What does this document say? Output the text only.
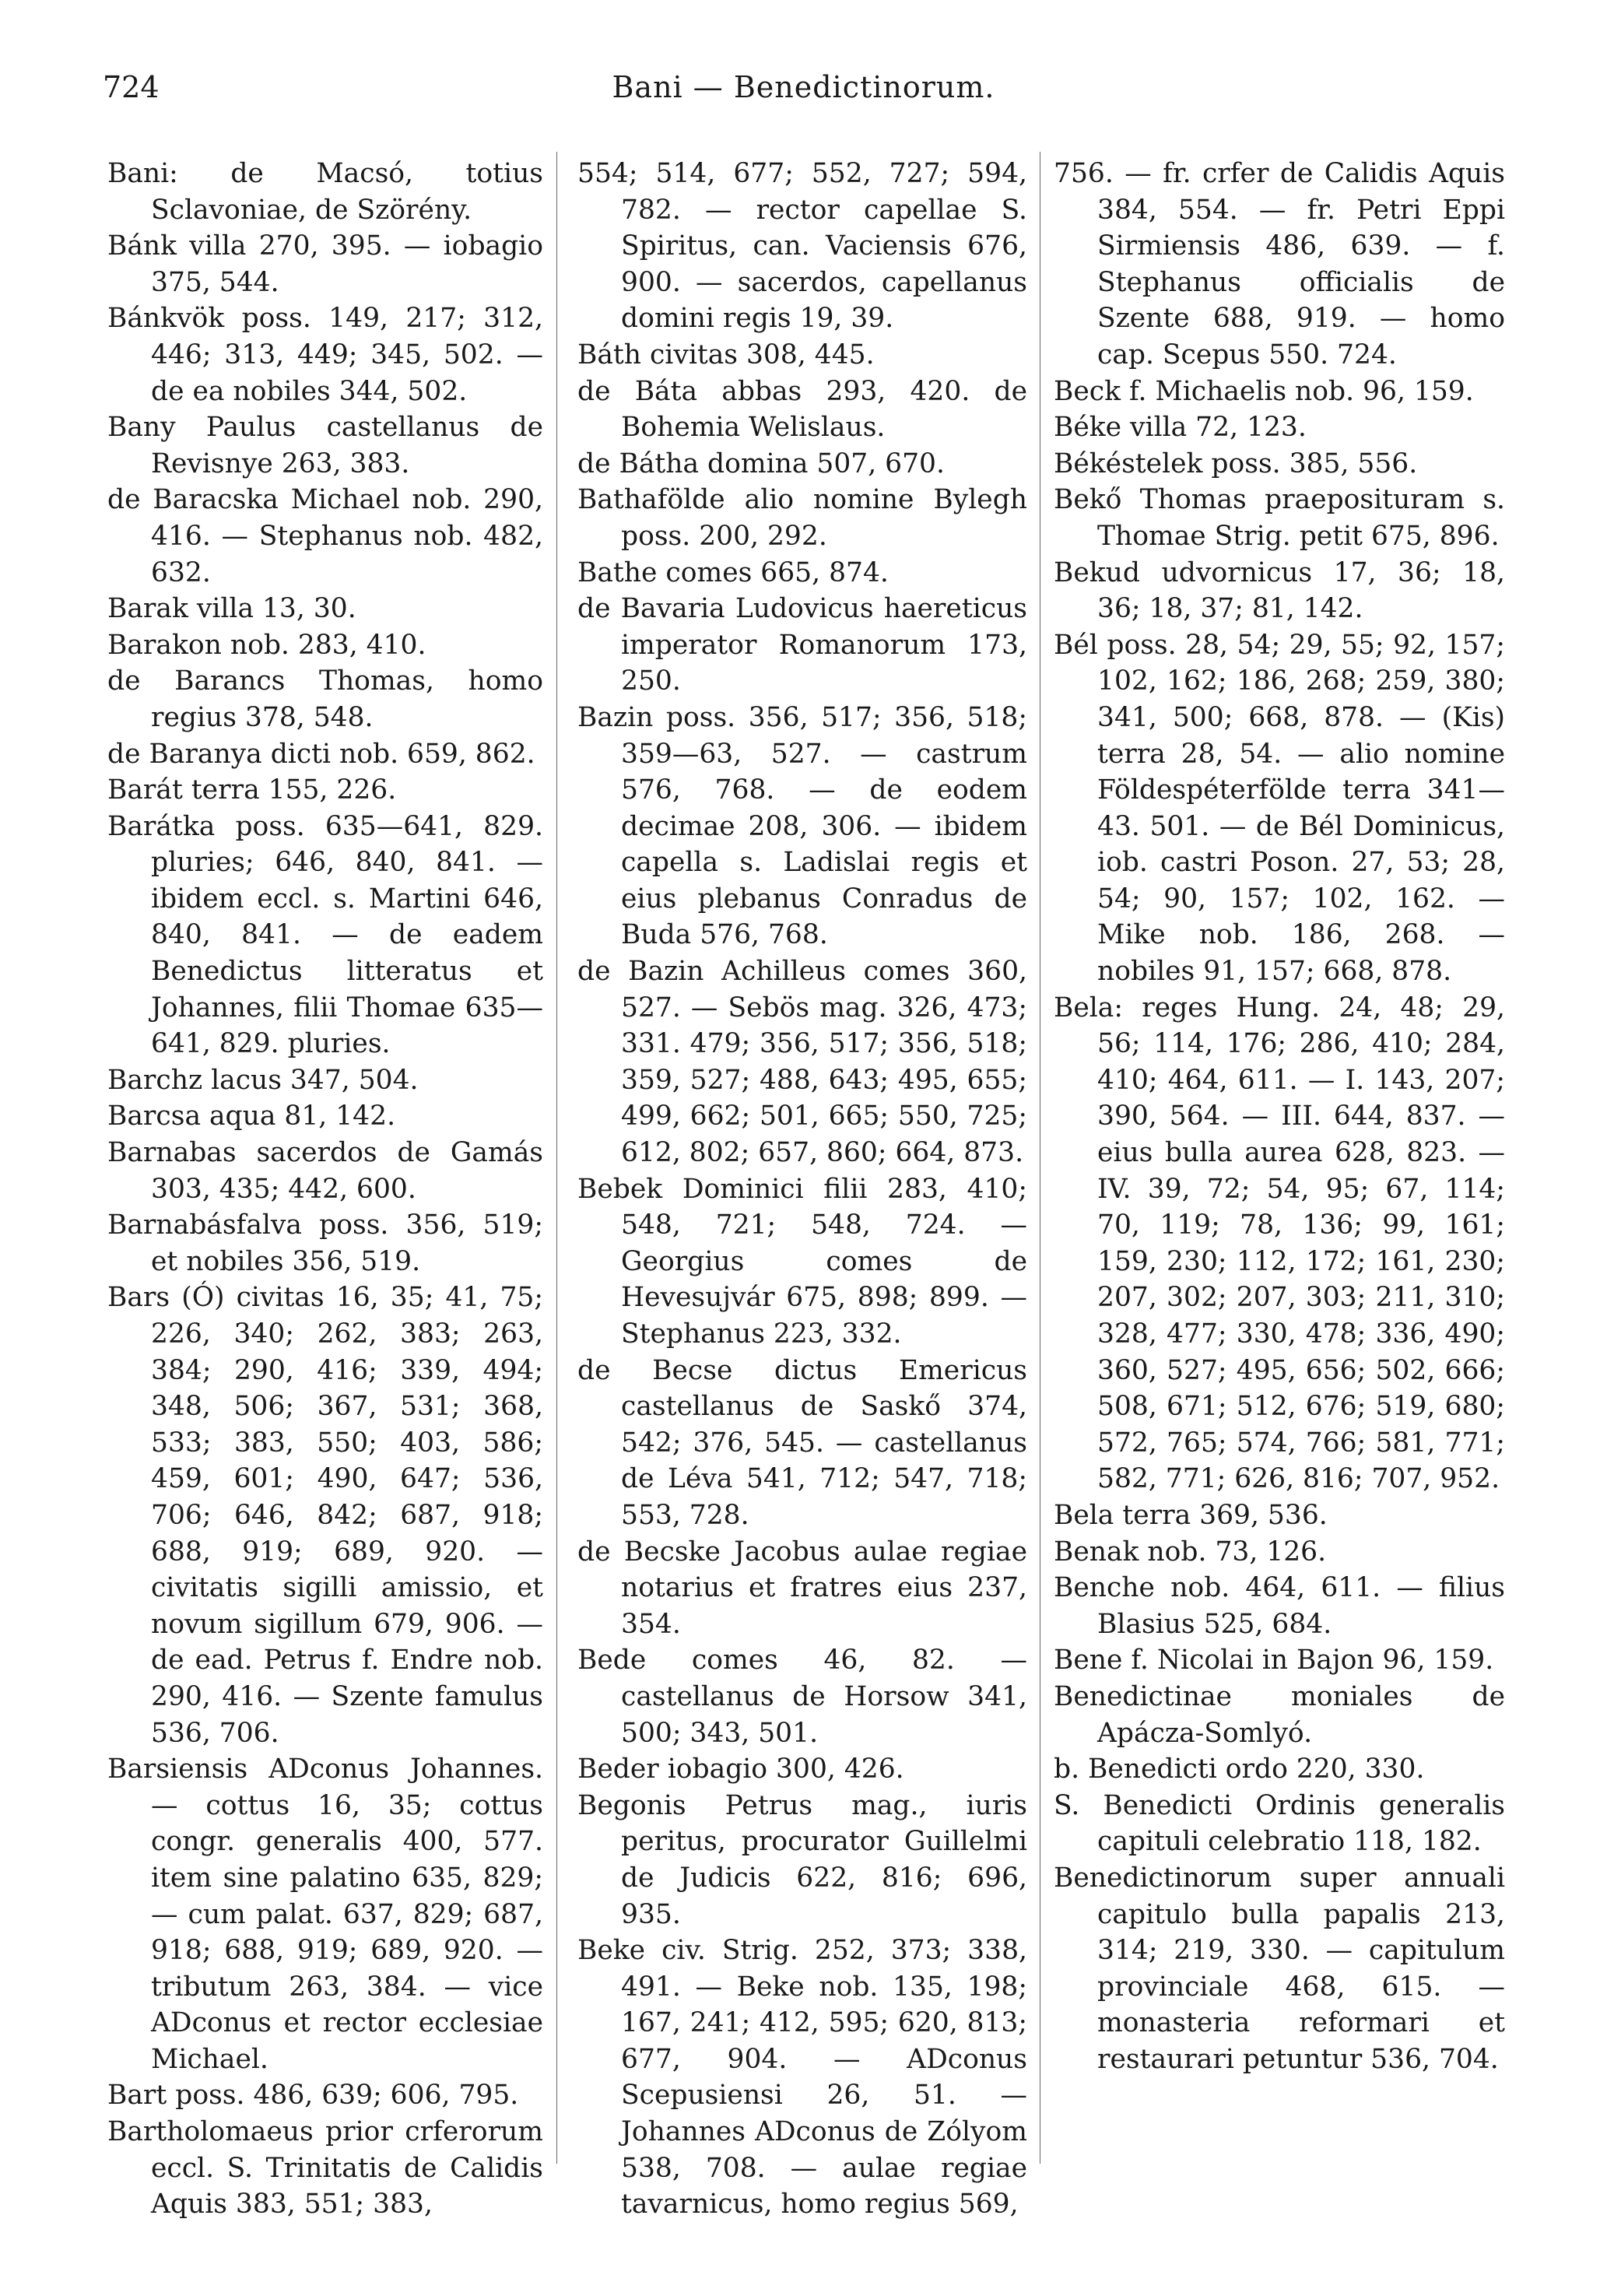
724	Bani — Benedictinorum.

Bani: de Macsó, totius Sclavoniae, de Szörény.

Bánk villa 270, 395. — iobagio 375, 544.

Bánkvök poss. 149, 217; 312, 446; 313, 449; 345, 502. — de ea nobiles 344, 502.

Bany Paulus castellanus de Revisnye 263, 383.

de Baracska Michael nob. 290, 416. — Stephanus nob. 482, 632.

Barak villa 13, 30.

Barakon nob. 283, 410.

de Barancs Thomas, homo regius 378, 548.

de Baranya dicti nob. 659, 862.

Barát terra 155, 226.

Barátka poss. 635—641, 829. pluries; 646, 840, 841. — ibidem eccl. s. Martini 646, 840, 841. — de eadem Benedictus litteratus et Johannes, filii Thomae 635—641, 829. pluries.

Barchz lacus 347, 504.

Barcsa aqua 81, 142.

Barnabas sacerdos de Gamás 303, 435; 442, 600.

Barnabásfalva poss. 356, 519; et nobiles 356, 519.

Bars (Ó) civitas 16, 35; 41, 75; 226, 340; 262, 383; 263, 384; 290, 416; 339, 494; 348, 506; 367, 531; 368, 533; 383, 550; 403, 586; 459, 601; 490, 647; 536, 706; 646, 842; 687, 918; 688, 919; 689, 920. — civitatis sigilli amissio, et novum sigillum 679, 906. — de ead. Petrus f. Endre nob. 290, 416. — Szente famulus 536, 706.

Barsiensis ADconus Johannes. — cottus 16, 35; cottus congr. generalis 400, 577. item sine palatino 635, 829; — cum palat. 637, 829; 687, 918; 688, 919; 689, 920. — tributum 263, 384. — vice ADconus et rector ecclesiae Michael.

Bart poss. 486, 639; 606, 795.

Bartholomaeus prior crferorum eccl. S. Trinitatis de Calidis Aquis 383, 551; 383,

554; 514, 677; 552, 727; 594, 782. — rector capellae S. Spiritus, can. Vaciensis 676, 900. — sacerdos, capellanus domini regis 19, 39.

Báth civitas 308, 445.

de Báta abbas 293, 420. de Bohemia Welislaus.

de Bátha domina 507, 670.

Bathafölde alio nomine Bylegh poss. 200, 292.

Bathe comes 665, 874.

de Bavaria Ludovicus haereticus imperator Romanorum 173, 250.

Bazin poss. 356, 517; 356, 518; 359—63, 527. — castrum 576, 768. — de eodem decimae 208, 306. — ibidem capella s. Ladislai regis et eius plebanus Conradus de Buda 576, 768.

de Bazin Achilleus comes 360, 527. — Sebös mag. 326, 473; 331. 479; 356, 517; 356, 518; 359, 527; 488, 643; 495, 655; 499, 662; 501, 665; 550, 725; 612, 802; 657, 860; 664, 873.

Bebek Dominici filii 283, 410; 548, 721; 548, 724. — Georgius comes de Hevesujvár 675, 898; 899. — Stephanus 223, 332.

de Becse dictus Emericus castellanus de Saskő 374, 542; 376, 545. — castellanus de Léva 541, 712; 547, 718; 553, 728.

de Becske Jacobus aulae regiae notarius et fratres eius 237, 354.

Bede comes 46, 82. — castellanus de Horsow 341, 500; 343, 501.

Beder iobagio 300, 426.

Begonis Petrus mag., iuris peritus, procurator Guillelmi de Judicis 622, 816; 696, 935.

Beke civ. Strig. 252, 373; 338, 491. — Beke nob. 135, 198; 167, 241; 412, 595; 620, 813; 677, 904. — ADconus Scepusiensi 26, 51. — Johannes ADconus de Zólyom 538, 708. — aulae regiae tavarnicus, homo regius 569,

756. — fr. crfer de Calidis Aquis 384, 554. — fr. Petri Eppi Sirmiensis 486, 639. — f. Stephanus officialis de Szente 688, 919. — homo cap. Scepus 550. 724.

Beck f. Michaelis nob. 96, 159.

Béke villa 72, 123.

Békéstelek poss. 385, 556.

Bekő Thomas praeposituram s. Thomae Strig. petit 675, 896.

Bekud udvornicus 17, 36; 18, 36; 18, 37; 81, 142.

Bél poss. 28, 54; 29, 55; 92, 157; 102, 162; 186, 268; 259, 380; 341, 500; 668, 878. — (Kis) terra 28, 54. — alio nomine Földespéterfölde terra 341—43. 501. — de Bél Dominicus, iob. castri Poson. 27, 53; 28, 54; 90, 157; 102, 162. — Mike nob. 186, 268. — nobiles 91, 157; 668, 878.

Bela: reges Hung. 24, 48; 29, 56; 114, 176; 286, 410; 284, 410; 464, 611. — I. 143, 207; 390, 564. — III. 644, 837. — eius bulla aurea 628, 823. — IV. 39, 72; 54, 95; 67, 114; 70, 119; 78, 136; 99, 161; 159, 230; 112, 172; 161, 230; 207, 302; 207, 303; 211, 310; 328, 477; 330, 478; 336, 490; 360, 527; 495, 656; 502, 666; 508, 671; 512, 676; 519, 680; 572, 765; 574, 766; 581, 771; 582, 771; 626, 816; 707, 952.

Bela terra 369, 536.

Benak nob. 73, 126.

Benche nob. 464, 611. — filius Blasius 525, 684.

Bene f. Nicolai in Bajon 96, 159.

Benedictinae moniales de Apácza-Somlyó.

b. Benedicti ordo 220, 330.

S. Benedicti Ordinis generalis capituli celebratio 118, 182.

Benedictinorum super annuali capitulo bulla papalis 213, 314; 219, 330. — capitulum provinciale 468, 615. — monasteria reformari et restaurari petuntur 536, 704.
